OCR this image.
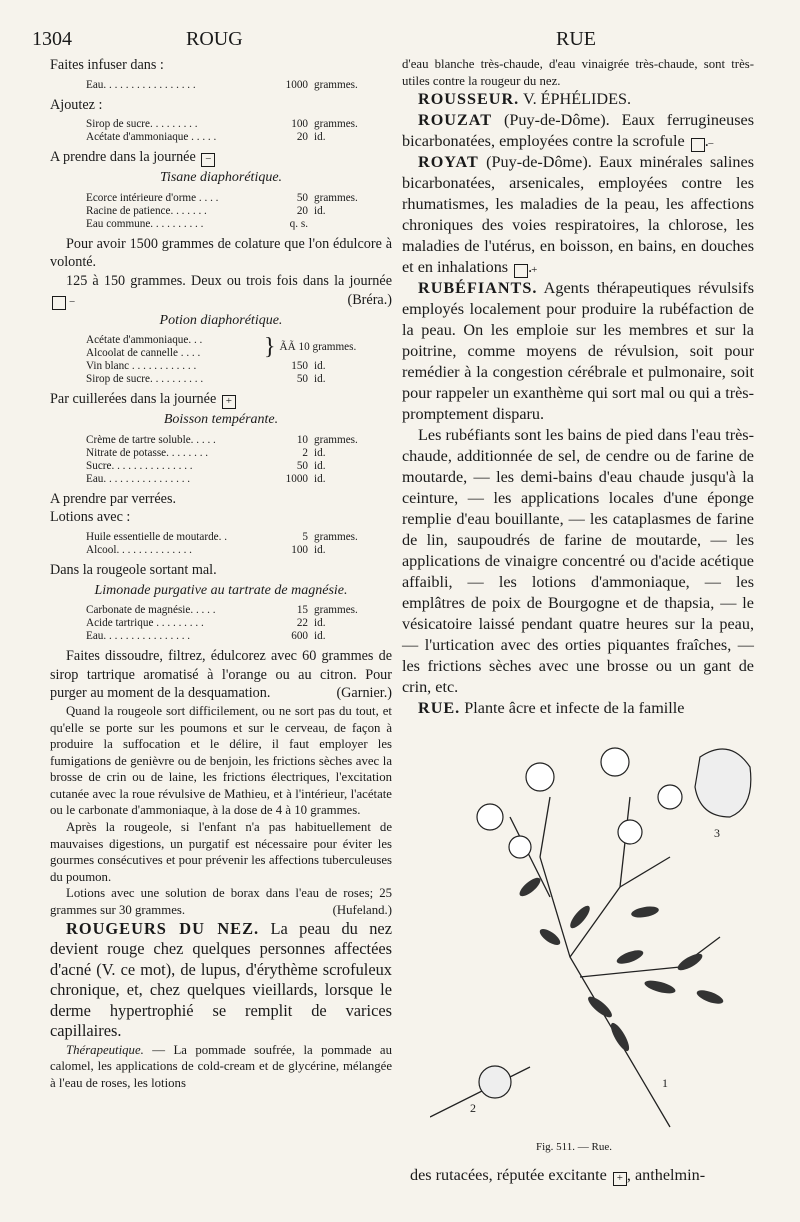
1304	ROUG	RUE

Faites infuser dans :

Eau. . . . . . . . . . . . . . . . .	1000 grammes.

Ajoutez :

Sirop de sucre. . . . . . . . .	100 grammes.
Acétate d'ammoniaque . . . . .	20 id.

A prendre dans la journée −

Tisane diaphorétique.

Ecorce intérieure d'orme . . . .	50 grammes.
Racine de patience. . . . . . .	20 id.
Eau commune. . . . . . . . . .	q. s.

Pour avoir 1500 grammes de colature que l'on édulcore à volonté.

125 à 150 grammes. Deux ou trois fois dans la journée −	(Bréra.)

Potion diaphorétique.

Acétate d'ammoniaque. . .
Alcoolat de cannelle . . . .	} ÃÃ 10 grammes.
Vin blanc . . . . . . . . . . . .	150 id.
Sirop de sucre. . . . . . . . . .	50 id.

Par cuillerées dans la journée +

Boisson tempérante.

Crème de tartre soluble. . . . .	10 grammes.
Nitrate de potasse. . . . . . . .	2 id.
Sucre. . . . . . . . . . . . . . .	50 id.
Eau. . . . . . . . . . . . . . . .	1000 id.

A prendre par verrées.

Lotions avec :

Huile essentielle de moutarde. .	5 grammes.
Alcool. . . . . . . . . . . . . .	100 id.

Dans la rougeole sortant mal.

Limonade purgative au tartrate de magnésie.

Carbonate de magnésie. . . . .	15 grammes.
Acide tartrique . . . . . . . . .	22 id.
Eau. . . . . . . . . . . . . . . .	600 id.

Faites dissoudre, filtrez, édulcorez avec 60 grammes de sirop tartrique aromatisé à l'orange ou au citron. Pour purger au moment de la desquamation.	(Garnier.)

Quand la rougeole sort difficilement, ou ne sort pas du tout, et qu'elle se porte sur les poumons et sur le cerveau, de façon à produire la suffocation et le délire, il faut employer les fumigations de genièvre ou de benjoin, les frictions sèches avec la brosse de crin ou de laine, les frictions électriques, l'excitation cutanée avec la roue révulsive de Mathieu, et à l'intérieur, l'acétate ou le carbonate d'ammoniaque, à la dose de 4 à 10 grammes.

Après la rougeole, si l'enfant n'a pas habituellement de mauvaises digestions, un purgatif est nécessaire pour éviter les gourmes consécutives et pour prévenir les affections tuberculeuses du poumon.

Lotions avec une solution de borax dans l'eau de roses; 25 grammes sur 30 grammes.	(Hufeland.)

ROUGEURS DU NEZ. La peau du nez devient rouge chez quelques personnes affectées d'acné (V. ce mot), de lupus, d'érythème scrofuleux chronique, et, chez quelques vieillards, lorsque le derme hypertrophié se remplit de varices capillaires.

Thérapeutique. — La pommade soufrée, la pommade au calomel, les applications de cold-cream et de glycérine, mélangée à l'eau de roses, les lotions

d'eau blanche très-chaude, d'eau vinaigrée très-chaude, sont très-utiles contre la rougeur du nez.

ROUSSEUR. V. ÉPHÉLIDES.

ROUZAT (Puy-de-Dôme). Eaux ferrugineuses bicarbonatées, employées contre la scrofule −.

ROYAT (Puy-de-Dôme). Eaux minérales salines bicarbonatées, arsenicales, employées contre les rhumatismes, les maladies de la peau, les affections chroniques des voies respiratoires, la chlorose, les maladies de l'utérus, en boisson, en bains, en douches et en inhalations +.

RUBÉFIANTS. Agents thérapeutiques révulsifs employés localement pour produire la rubéfaction de la peau. On les emploie sur les membres et sur la poitrine, comme moyens de révulsion, soit pour remédier à la congestion cérébrale et pulmonaire, soit pour rappeler un exanthème qui sort mal ou qui a très-promptement disparu.

Les rubéfiants sont les bains de pied dans l'eau très-chaude, additionnée de sel, de cendre ou de farine de moutarde, — les demi-bains d'eau chaude jusqu'à la ceinture, — les applications locales d'une éponge remplie d'eau bouillante, — les cataplasmes de farine de lin, saupoudrés de farine de moutarde, — les applications de vinaigre concentré ou d'acide acétique affaibli, — les lotions d'ammoniaque, — les emplâtres de poix de Bourgogne et de thapsia, — le vésicatoire laissé pendant quatre heures sur la peau, — l'urtication avec des orties piquantes fraîches, — les frictions sèches avec une brosse ou un gant de crin, etc.

RUE. Plante âcre et infecte de la famille

1
2
3
Fig. 511. — Rue.
des rutacées, réputée excitante + , anthelmin-
